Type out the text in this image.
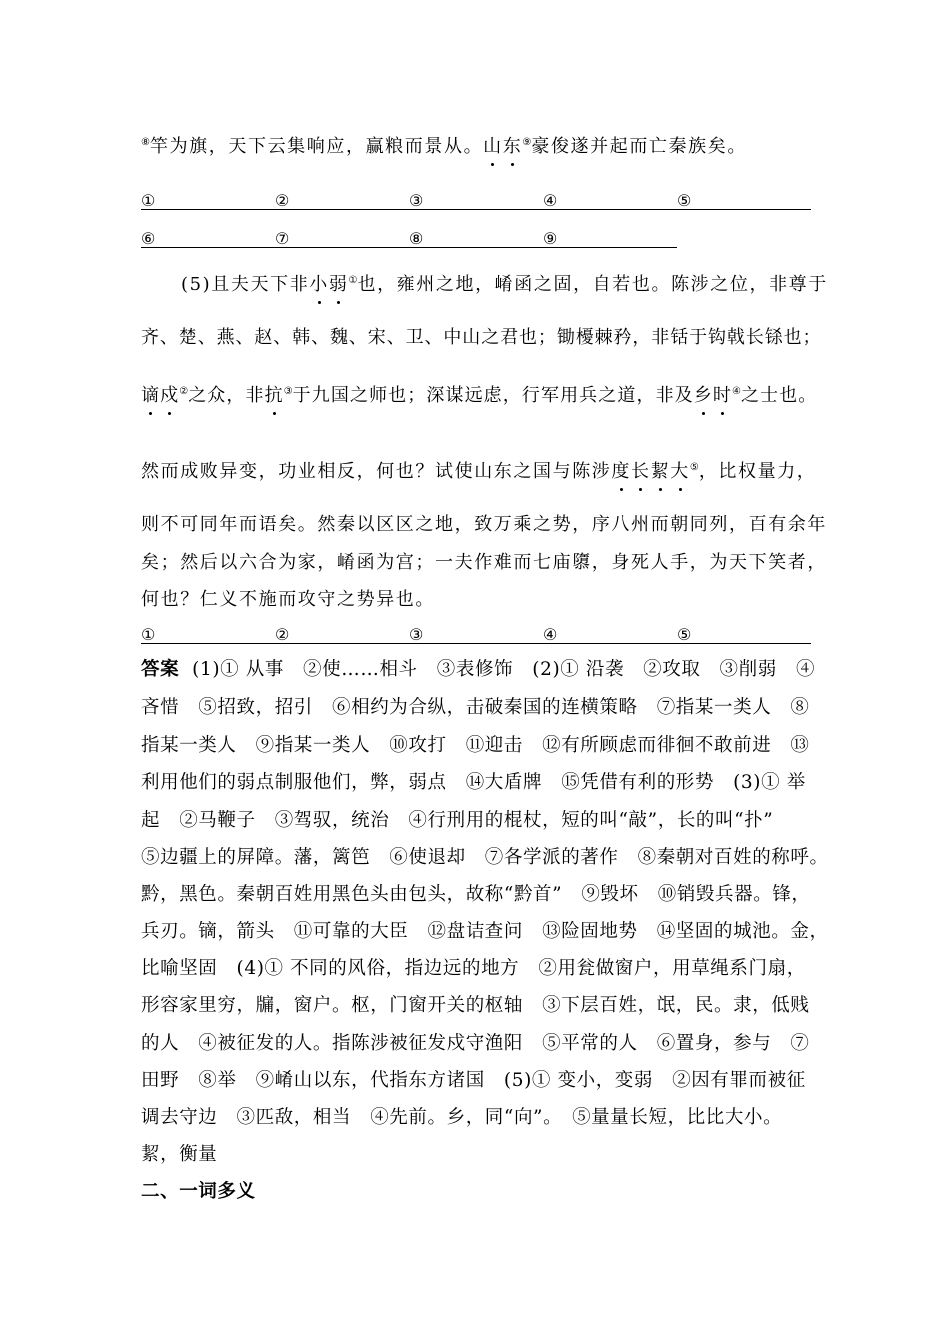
⑧竿为旗，天下云集响应，赢粮而景从。山东⑨豪俊遂并起而亡秦族矣。
①	②	③	④	⑤
⑥	⑦	⑧	⑨
(5)且夫天下非小弱①也，雍州之地，崤函之固，自若也。陈涉之位，非尊于
齐、楚、燕、赵、韩、魏、宋、卫、中山之君也；锄櫌棘矜，非铦于钩戟长铩也；
谪戍②之众，非抗③于九国之师也；深谋远虑，行军用兵之道，非及乡时④之士也。
然而成败异变，功业相反，何也？试使山东之国与陈涉度长絜大⑤，比权量力，
则不可同年而语矣。然秦以区区之地，致万乘之势，序八州而朝同列，百有余年
矣；然后以六合为家，崤函为宫；一夫作难而七庙隳，身死人手，为天下笑者，
何也？仁义不施而攻守之势异也。
①	②	③	④	⑤
答案 (1)① 从事　②使……相斗　③表修饰　(2)① 沿袭　②攻取　③削弱　④
吝惜　⑤招致，招引　⑥相约为合纵，击破秦国的连横策略　⑦指某一类人　⑧
指某一类人　⑨指某一类人　⑩攻打　⑪迎击　⑫有所顾虑而徘徊不敢前进　⑬
利用他们的弱点制服他们，弊，弱点　⑭大盾牌　⑮凭借有利的形势　(3)① 举
起　②马鞭子　③驾驭，统治　④行刑用的棍杖，短的叫“敲”，长的叫“扑”
⑤边疆上的屏障。藩，篱笆　⑥使退却　⑦各学派的著作　⑧秦朝对百姓的称呼。
黔，黑色。秦朝百姓用黑色头由包头，故称“黔首”　⑨毁坏　⑩销毁兵器。锋，
兵刃。镝，箭头　⑪可靠的大臣　⑫盘诘查问　⑬险固地势　⑭坚固的城池。金，
比喻坚固　(4)① 不同的风俗，指边远的地方　②用瓮做窗户，用草绳系门扇，
形容家里穷，牖，窗户。枢，门窗开关的枢轴　③下层百姓，氓，民。隶，低贱
的人　④被征发的人。指陈涉被征发戍守渔阳　⑤平常的人　⑥置身，参与　⑦
田野　⑧举　⑨崤山以东，代指东方诸国　(5)① 变小，变弱　②因有罪而被征
调去守边　③匹敌，相当　④先前。乡，同“向”。　⑤量量长短，比比大小。
絜，衡量
二、一词多义
